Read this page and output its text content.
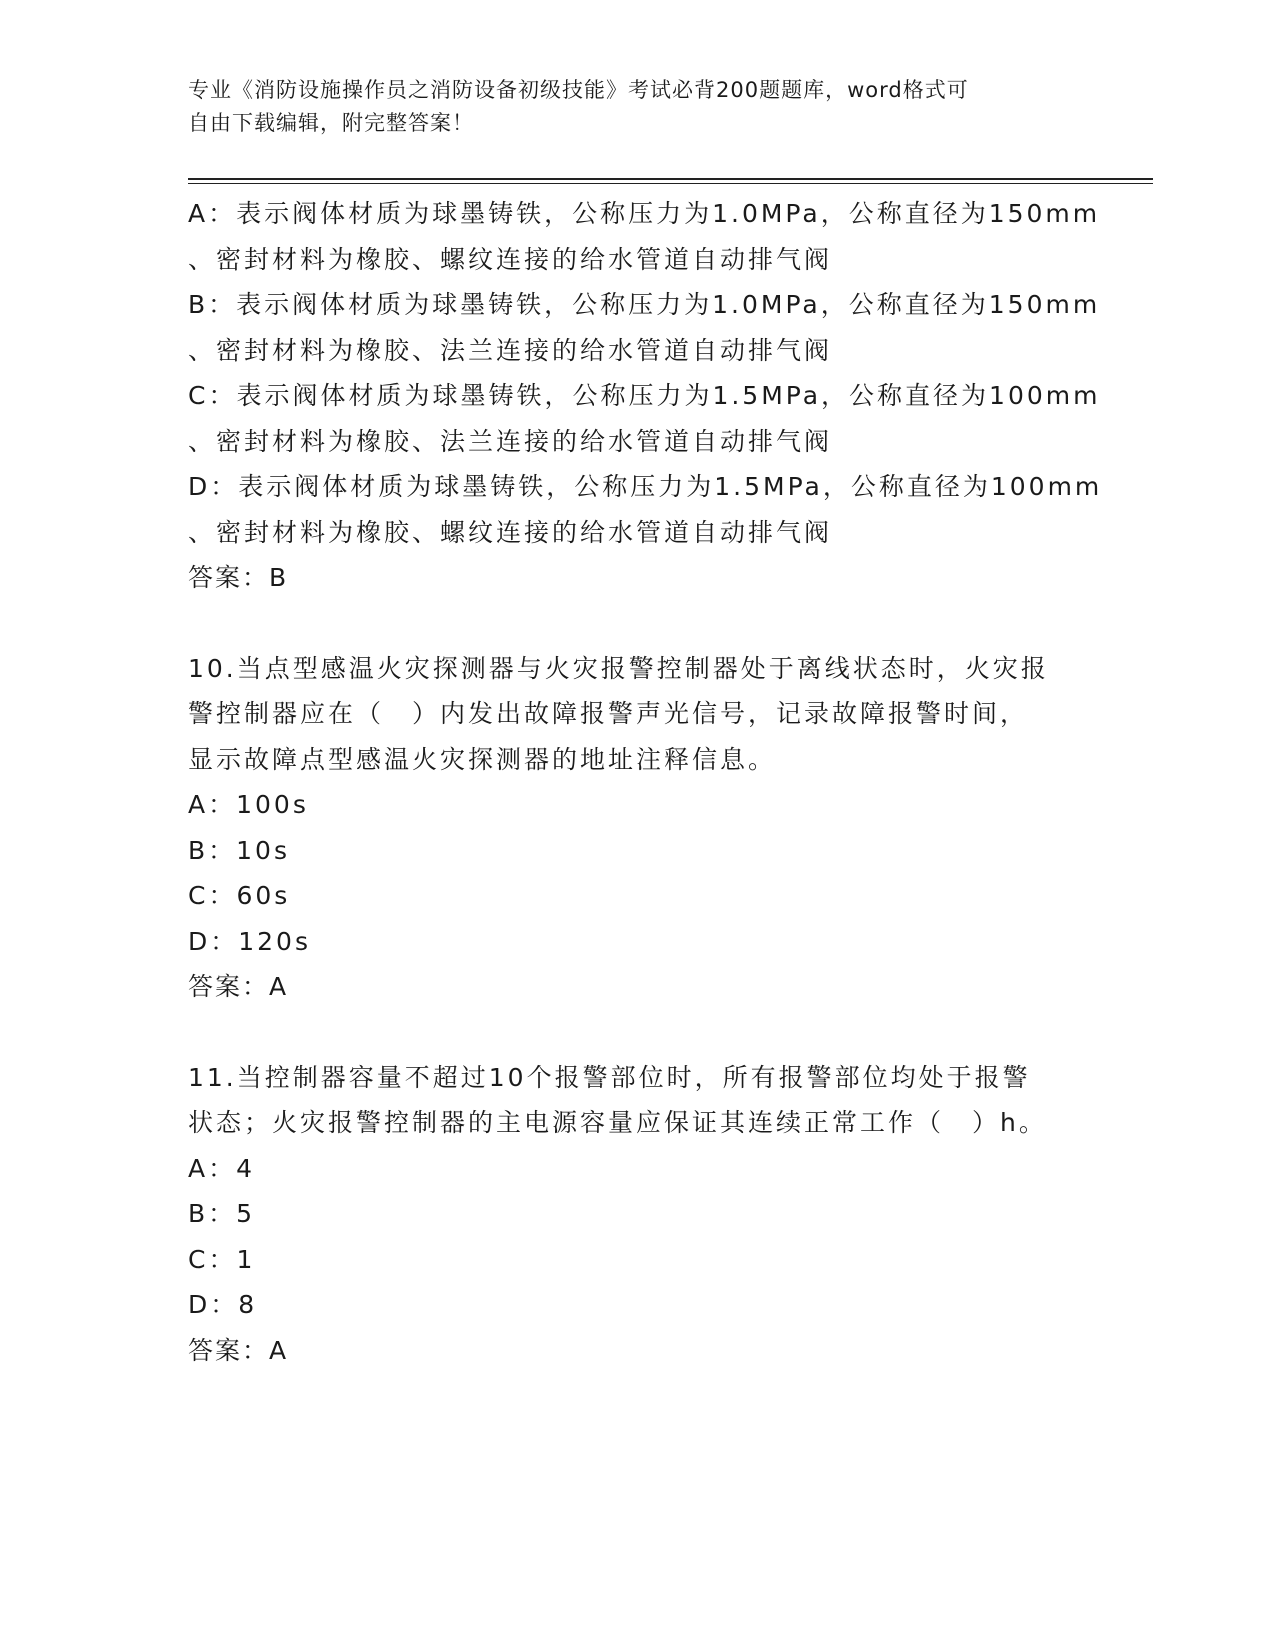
专业《消防设施操作员之消防设备初级技能》考试必背200题题库，word格式可
自由下载编辑，附完整答案！

A：表示阀体材质为球墨铸铁，公称压力为1.0MPa，公称直径为150mm

、密封材料为橡胶、螺纹连接的给水管道自动排气阀

B：表示阀体材质为球墨铸铁，公称压力为1.0MPa，公称直径为150mm

、密封材料为橡胶、法兰连接的给水管道自动排气阀

C：表示阀体材质为球墨铸铁，公称压力为1.5MPa，公称直径为100mm

、密封材料为橡胶、法兰连接的给水管道自动排气阀

D：表示阀体材质为球墨铸铁，公称压力为1.5MPa，公称直径为100mm

、密封材料为橡胶、螺纹连接的给水管道自动排气阀

答案：B

10.当点型感温火灾探测器与火灾报警控制器处于离线状态时，火灾报

警控制器应在（　）内发出故障报警声光信号，记录故障报警时间，

显示故障点型感温火灾探测器的地址注释信息。

A：100s

B：10s

C：60s

D：120s

答案：A

11.当控制器容量不超过10个报警部位时，所有报警部位均处于报警

状态；火灾报警控制器的主电源容量应保证其连续正常工作（　）h。

A：4

B：5

C：1

D：8

答案：A
